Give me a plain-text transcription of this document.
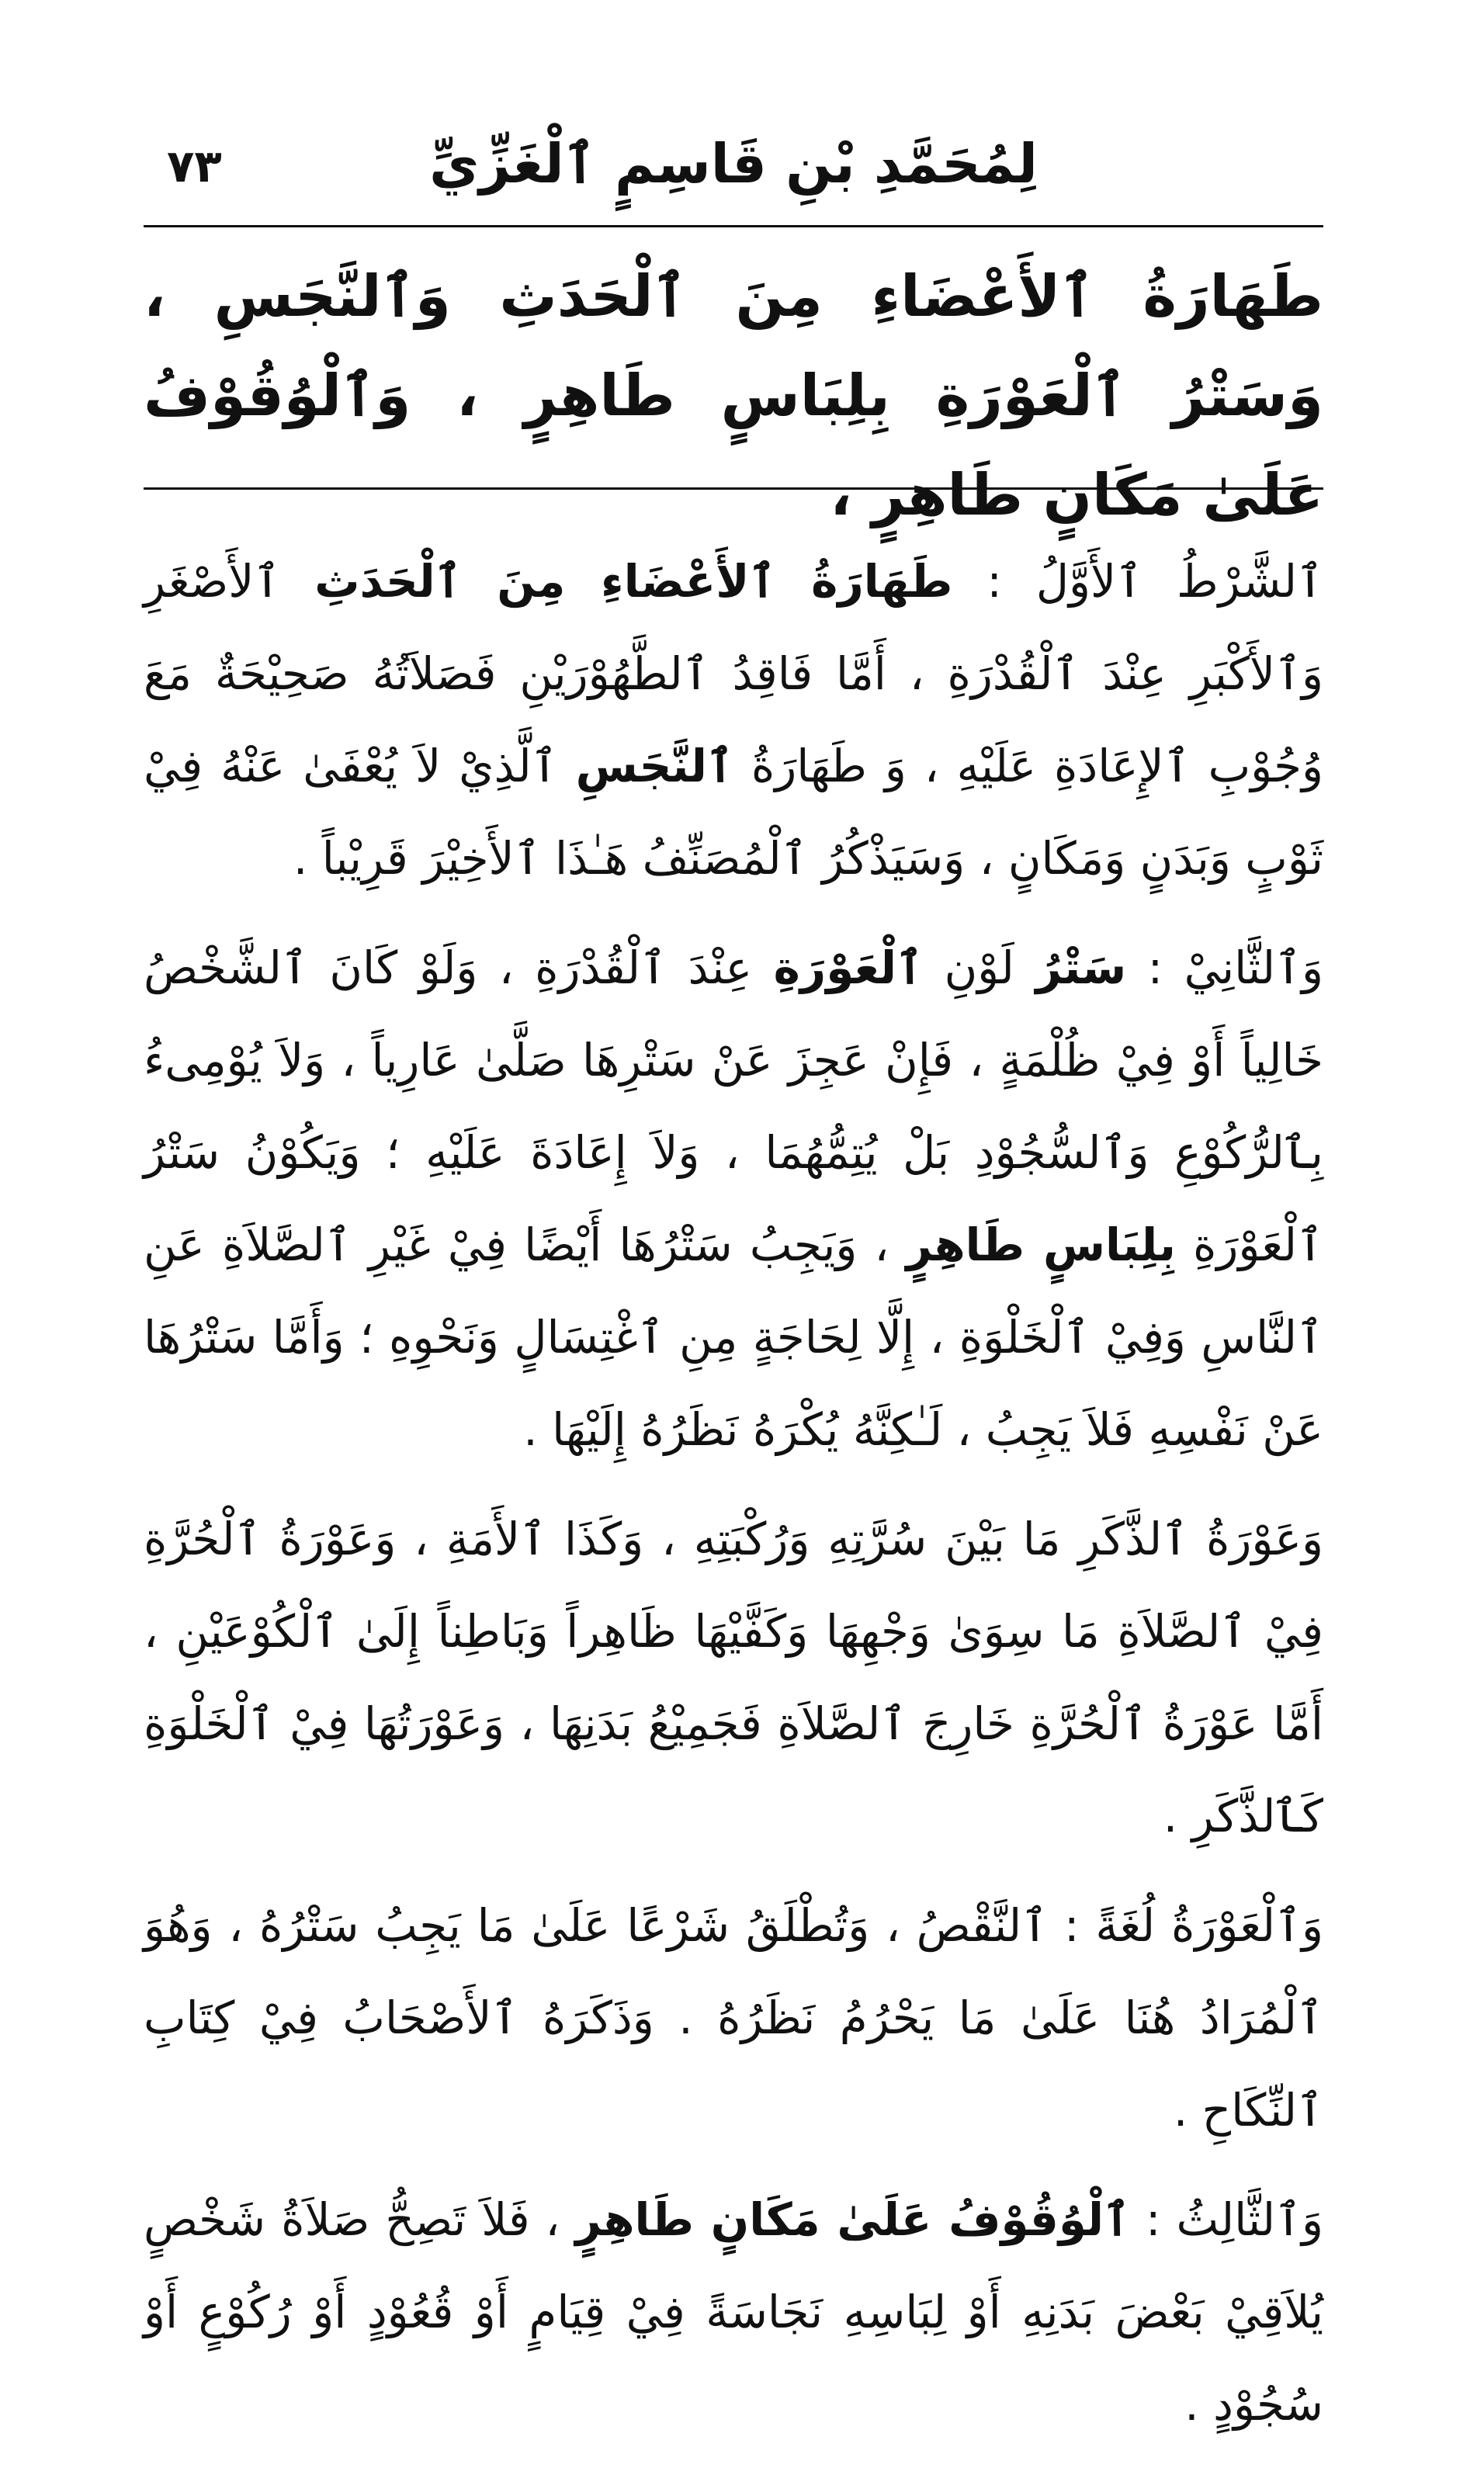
٧٣	لِمُحَمَّدِ بْنِ قَاسِمٍ ٱلْغَزِّيِّ
طَهَارَةُ ٱلأَعْضَاءِ مِنَ ٱلْحَدَثِ وَٱلنَّجَسِ ، وَسَتْرُ ٱلْعَوْرَةِ بِلِبَاسٍ طَاهِرٍ ، وَٱلْوُقُوْفُ عَلَىٰ مَكَانٍ طَاهِرٍ ،

ٱلشَّرْطُ ٱلأَوَّلُ : طَهَارَةُ ٱلأَعْضَاءِ مِنَ ٱلْحَدَثِ ٱلأَصْغَرِ وَٱلأَكْبَرِ عِنْدَ ٱلْقُدْرَةِ ، أَمَّا فَاقِدُ ٱلطَّهُوْرَيْنِ فَصَلاَتُهُ صَحِيْحَةٌ مَعَ وُجُوْبِ ٱلإِعَادَةِ عَلَيْهِ ، وَ طَهَارَةُ ٱلنَّجَسِ ٱلَّذِيْ لاَ يُعْفَىٰ عَنْهُ فِيْ ثَوْبٍ وَبَدَنٍ وَمَكَانٍ ، وَسَيَذْكُرُ ٱلْمُصَنِّفُ هَـٰذَا ٱلأَخِيْرَ قَرِيْباً .

وَٱلثَّانِيْ : سَتْرُ لَوْنِ ٱلْعَوْرَةِ عِنْدَ ٱلْقُدْرَةِ ، وَلَوْ كَانَ ٱلشَّخْصُ خَالِياً أَوْ فِيْ ظُلْمَةٍ ، فَإِنْ عَجِزَ عَنْ سَتْرِهَا صَلَّىٰ عَارِياً ، وَلاَ يُوْمِىءُ بِٱلرُّكُوْعِ وَٱلسُّجُوْدِ بَلْ يُتِمُّهُمَا ، وَلاَ إِعَادَةَ عَلَيْهِ ؛ وَيَكُوْنُ سَتْرُ ٱلْعَوْرَةِ بِلِبَاسٍ طَاهِرٍ ، وَيَجِبُ سَتْرُهَا أَيْضًا فِيْ غَيْرِ ٱلصَّلاَةِ عَنِ ٱلنَّاسِ وَفِيْ ٱلْخَلْوَةِ ، إِلَّا لِحَاجَةٍ مِنِ ٱغْتِسَالٍ وَنَحْوِهِ ؛ وَأَمَّا سَتْرُهَا عَنْ نَفْسِهِ فَلاَ يَجِبُ ، لَـٰكِنَّهُ يُكْرَهُ نَظَرُهُ إِلَيْهَا .

وَعَوْرَةُ ٱلذَّكَرِ مَا بَيْنَ سُرَّتِهِ وَرُكْبَتِهِ ، وَكَذَا ٱلأَمَةِ ، وَعَوْرَةُ ٱلْحُرَّةِ فِيْ ٱلصَّلاَةِ مَا سِوَىٰ وَجْهِهَا وَكَفَّيْهَا ظَاهِراً وَبَاطِناً إِلَىٰ ٱلْكُوْعَيْنِ ، أَمَّا عَوْرَةُ ٱلْحُرَّةِ خَارِجَ ٱلصَّلاَةِ فَجَمِيْعُ بَدَنِهَا ، وَعَوْرَتُهَا فِيْ ٱلْخَلْوَةِ كَٱلذَّكَرِ .

وَٱلْعَوْرَةُ لُغَةً : ٱلنَّقْصُ ، وَتُطْلَقُ شَرْعًا عَلَىٰ مَا يَجِبُ سَتْرُهُ ، وَهُوَ ٱلْمُرَادُ هُنَا عَلَىٰ مَا يَحْرُمُ نَظَرُهُ . وَذَكَرَهُ ٱلأَصْحَابُ فِيْ كِتَابِ ٱلنِّكَاحِ .

وَٱلثَّالِثُ : ٱلْوُقُوْفُ عَلَىٰ مَكَانٍ طَاهِرٍ ، فَلاَ تَصِحُّ صَلاَةُ شَخْصٍ يُلاَقِيْ بَعْضَ بَدَنِهِ أَوْ لِبَاسِهِ نَجَاسَةً فِيْ قِيَامٍ أَوْ قُعُوْدٍ أَوْ رُكُوْعٍ أَوْ سُجُوْدٍ .
